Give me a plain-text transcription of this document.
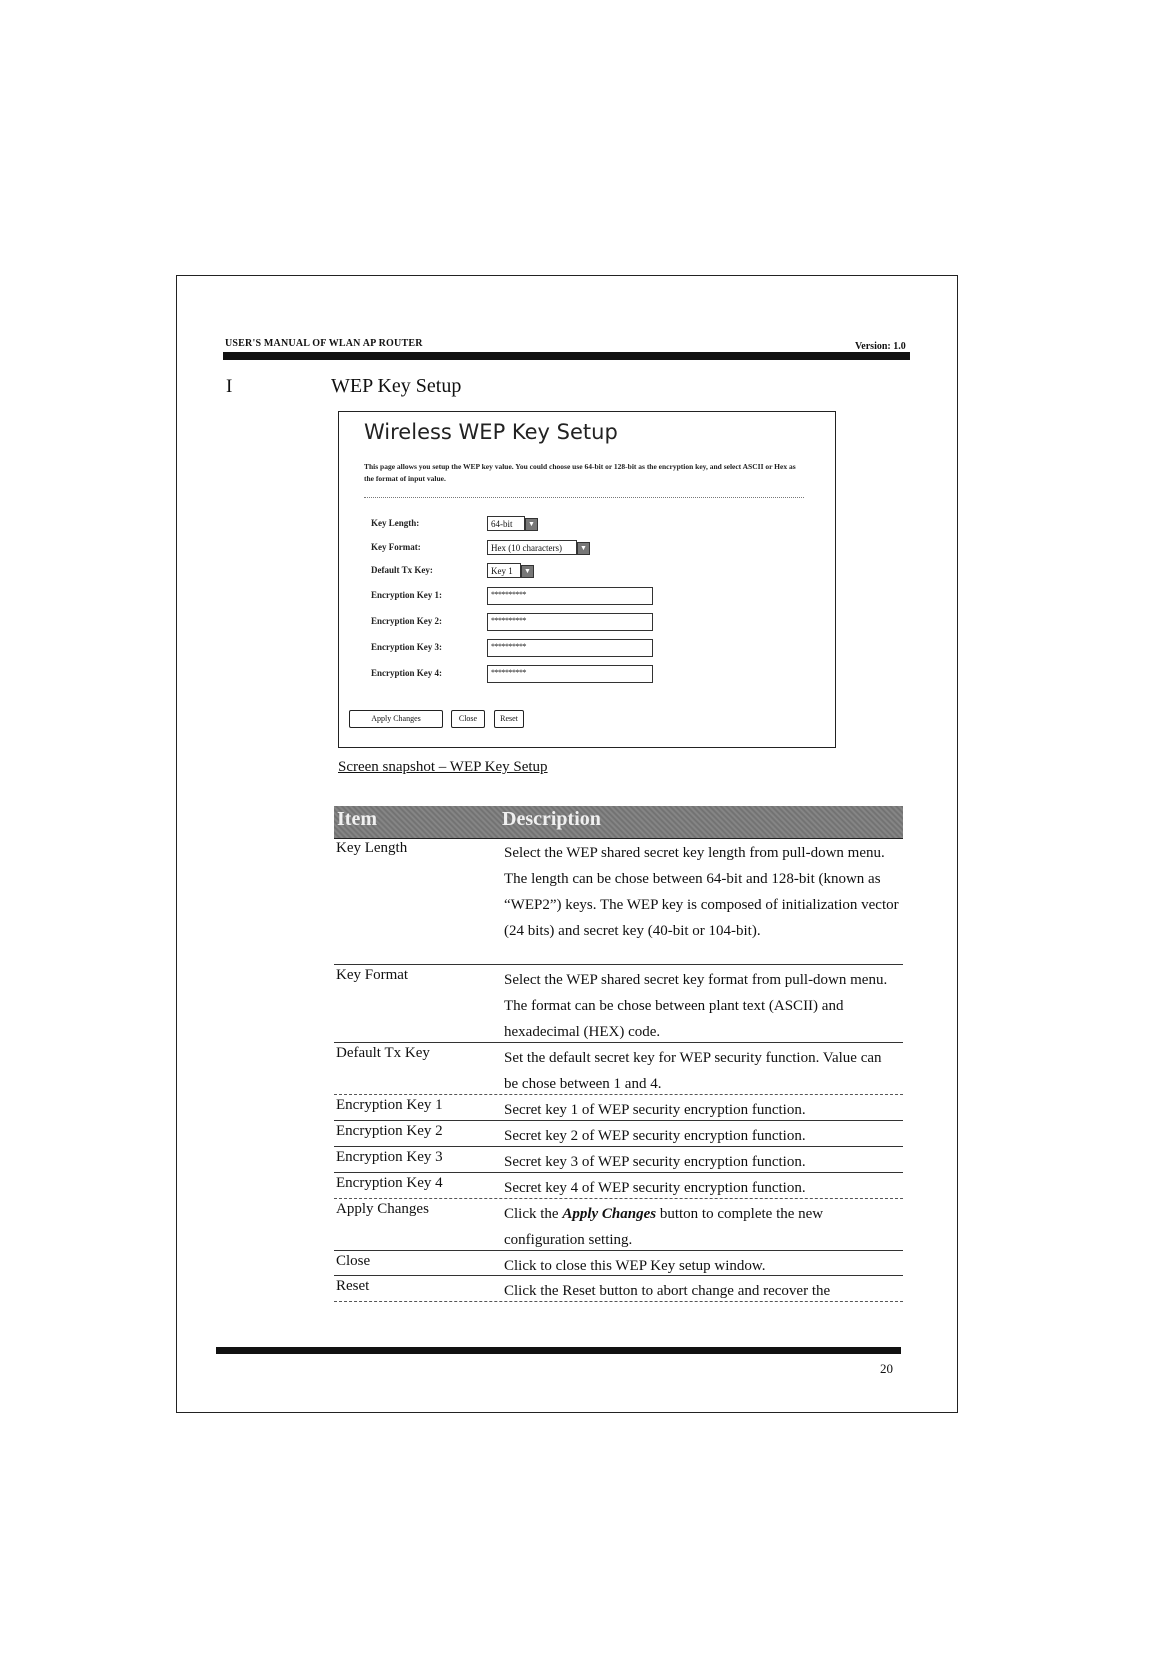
USER'S MANUAL OF WLAN AP ROUTER	Version: 1.0
I	WEP Key Setup
Wireless WEP Key Setup
This page allows you setup the WEP key value. You could choose use 64-bit or 128-bit as the encryption key, and select ASCII or Hex as the format of input value.
Key Length:	64-bit	▼
Key Format:	Hex (10 characters)	▼
Default Tx Key:	Key 1	▼
Encryption Key 1:	**********
Encryption Key 2:	**********
Encryption Key 3:	**********
Encryption Key 4:	**********
Apply Changes	Close	Reset
Screen snapshot – WEP Key Setup
Item	Description
Key Length	Select the WEP shared secret key length from pull-down menu. The length can be chose between 64-bit and 128-bit (known as “WEP2”) keys. The WEP key is composed of initialization vector (24 bits) and secret key (40-bit or 104-bit).
Key Format	Select the WEP shared secret key format from pull-down menu. The format can be chose between plant text (ASCII) and hexadecimal (HEX) code.
Default Tx Key	Set the default secret key for WEP security function. Value can be chose between 1 and 4.
Encryption Key 1	Secret key 1 of WEP security encryption function.
Encryption Key 2	Secret key 2 of WEP security encryption function.
Encryption Key 3	Secret key 3 of WEP security encryption function.
Encryption Key 4	Secret key 4 of WEP security encryption function.
Apply Changes	Click the Apply Changes button to complete the new configuration setting.
Close	Click to close this WEP Key setup window.
Reset	Click the Reset button to abort change and recover the
20
